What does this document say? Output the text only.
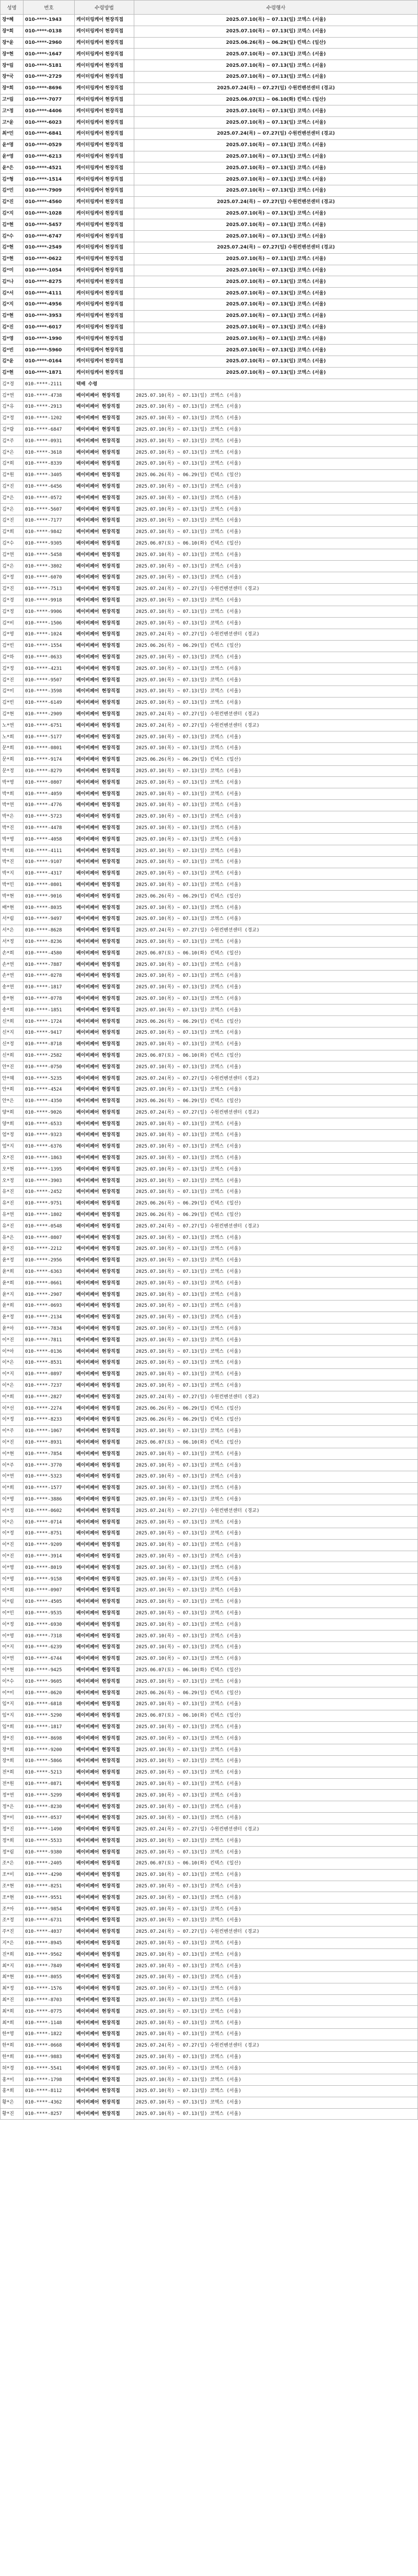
성명	번호	수령방법	수령행사
장*혜	010-****-1943	케이터링케어 현장직접	2025.07.10(목) ~ 07.13(일) 코엑스 (서울)
장*희	010-****-0138	케이터링케어 현장직접	2025.07.10(목) ~ 07.13(일) 코엑스 (서울)
장*윤	010-****-2960	케이터링케어 현장직접	2025.06.26(목) ~ 06.29(일) 킨텍스 (일산)
장*현	010-****-1647	케이터링케어 현장직접	2025.07.10(목) ~ 07.13(일) 코엑스 (서울)
장*림	010-****-5181	케이터링케어 현장직접	2025.07.10(목) ~ 07.13(일) 코엑스 (서울)
장*국	010-****-2729	케이터링케어 현장직접	2025.07.10(목) ~ 07.13(일) 코엑스 (서울)
장*희	010-****-8696	케이터링케어 현장직접	2025.07.24(목) ~ 07.27(일) 수원컨벤션센터 (경교)
고*림	010-****-7077	케이터링케어 현장직접	2025.06.07(토) ~ 06.10(화) 킨텍스 (일산)
고*정	010-****-4406	케이터링케어 현장직접	2025.07.10(목) ~ 07.13(일) 코엑스 (서울)
고*윤	010-****-6023	케이터링케어 현장직접	2025.07.10(목) ~ 07.13(일) 코엑스 (서울)
최*민	010-****-6841	케이터링케어 현장직접	2025.07.24(목) ~ 07.27(일) 수원컨벤션센터 (경교)
윤*명	010-****-0529	케이터링케어 현장직접	2025.07.10(목) ~ 07.13(일) 코엑스 (서울)
윤*영	010-****-6213	케이터링케어 현장직접	2025.07.10(목) ~ 07.13(일) 코엑스 (서울)
윤*은	010-****-4521	케이터링케어 현장직접	2025.07.10(목) ~ 07.13(일) 코엑스 (서울)
김*형	010-****-1514	케이터링케어 현장직접	2025.07.10(목) ~ 07.13(일) 코엑스 (서울)
김*민	010-****-7909	케이터링케어 현장직접	2025.07.10(목) ~ 07.13(일) 코엑스 (서울)
김*진	010-****-4560	케이터링케어 현장직접	2025.07.24(목) ~ 07.27(일) 수원컨벤션센터 (경교)
김*지	010-****-1028	케이터링케어 현장직접	2025.07.10(목) ~ 07.13(일) 코엑스 (서울)
김*현	010-****-5457	케이터링케어 현장직접	2025.07.10(목) ~ 07.13(일) 코엑스 (서울)
김*수	010-****-6747	케이터링케어 현장직접	2025.07.10(목) ~ 07.13(일) 코엑스 (서울)
김*현	010-****-2549	케이터링케어 현장직접	2025.07.24(목) ~ 07.27(일) 수원컨벤션센터 (경교)
김*현	010-****-0622	케이터링케어 현장직접	2025.07.10(목) ~ 07.13(일) 코엑스 (서울)
김*미	010-****-1054	케이터링케어 현장직접	2025.07.10(목) ~ 07.13(일) 코엑스 (서울)
김*나	010-****-8275	케이터링케어 현장직접	2025.07.10(목) ~ 07.13(일) 코엑스 (서울)
김*서	010-****-4111	케이터링케어 현장직접	2025.07.10(목) ~ 07.13(일) 코엑스 (서울)
김*지	010-****-4956	케이터링케어 현장직접	2025.07.10(목) ~ 07.13(일) 코엑스 (서울)
김*현	010-****-3953	케이터링케어 현장직접	2025.07.10(목) ~ 07.13(일) 코엑스 (서울)
김*진	010-****-6017	케이터링케어 현장직접	2025.07.10(목) ~ 07.13(일) 코엑스 (서울)
김*영	010-****-1990	케이터링케어 현장직접	2025.07.10(목) ~ 07.13(일) 코엑스 (서울)
김*빈	010-****-5960	케이터링케어 현장직접	2025.07.10(목) ~ 07.13(일) 코엑스 (서울)
김*윤	010-****-0164	케이터링케어 현장직접	2025.07.10(목) ~ 07.13(일) 코엑스 (서울)
김*현	010-****-1871	케이터링케어 현장직접	2025.07.10(목) ~ 07.13(일) 코엑스 (서울)
김*경	010-****-2111	택배 수령	
김*연	010-****-4738	베이비페어 현장직접	2025.07.10(목) ~ 07.13(일) 코엑스 (서울)
김*유	010-****-2913	베이비페어 현장직접	2025.07.10(목) ~ 07.13(일) 코엑스 (서울)
김*정	010-****-1202	베이비페어 현장직접	2025.07.10(목) ~ 07.13(일) 코엑스 (서울)
김*람	010-****-6847	베이비페어 현장직접	2025.07.10(목) ~ 07.13(일) 코엑스 (서울)
김*주	010-****-0931	베이비페어 현장직접	2025.07.10(목) ~ 07.13(일) 코엑스 (서울)
김*은	010-****-3618	베이비페어 현장직접	2025.07.10(목) ~ 07.13(일) 코엑스 (서울)
김*희	010-****-8339	베이비페어 현장직접	2025.07.10(목) ~ 07.13(일) 코엑스 (서울)
김*원	010-****-3405	베이비페어 현장직접	2025.06.26(목) ~ 06.29(일) 킨텍스 (일산)
김*진	010-****-6456	베이비페어 현장직접	2025.07.10(목) ~ 07.13(일) 코엑스 (서울)
김*은	010-****-0572	베이비페어 현장직접	2025.07.10(목) ~ 07.13(일) 코엑스 (서울)
김*은	010-****-5607	베이비페어 현장직접	2025.07.10(목) ~ 07.13(일) 코엑스 (서울)
김*진	010-****-7177	베이비페어 현장직접	2025.07.10(목) ~ 07.13(일) 코엑스 (서울)
김*희	010-****-9842	베이비페어 현장직접	2025.07.10(목) ~ 07.13(일) 코엑스 (서울)
김*수	010-****-9305	베이비페어 현장직접	2025.06.07(토) ~ 06.10(화) 킨텍스 (일산)
김*연	010-****-5458	베이비페어 현장직접	2025.07.10(목) ~ 07.13(일) 코엑스 (서울)
김*은	010-****-3802	베이비페어 현장직접	2025.07.10(목) ~ 07.13(일) 코엑스 (서울)
김*정	010-****-6070	베이비페어 현장직접	2025.07.10(목) ~ 07.13(일) 코엑스 (서울)
김*진	010-****-7513	베이비페어 현장직접	2025.07.24(목) ~ 07.27(일) 수원컨벤션센터 (경교)
김*경	010-****-9918	베이비페어 현장직접	2025.07.10(목) ~ 07.13(일) 코엑스 (서울)
김*정	010-****-9906	베이비페어 현장직접	2025.07.10(목) ~ 07.13(일) 코엑스 (서울)
김*비	010-****-1506	베이비페어 현장직접	2025.07.10(목) ~ 07.13(일) 코엑스 (서울)
김*영	010-****-1024	베이비페어 현장직접	2025.07.24(목) ~ 07.27(일) 수원컨벤션센터 (경교)
김*빈	010-****-1554	베이비페어 현장직접	2025.06.26(목) ~ 06.29(일) 킨텍스 (일산)
김*하	010-****-0633	베이비페어 현장직접	2025.07.10(목) ~ 07.13(일) 코엑스 (서울)
김*정	010-****-4231	베이비페어 현장직접	2025.07.10(목) ~ 07.13(일) 코엑스 (서울)
김*진	010-****-9507	베이비페어 현장직접	2025.07.10(목) ~ 07.13(일) 코엑스 (서울)
김*미	010-****-3598	베이비페어 현장직접	2025.07.10(목) ~ 07.13(일) 코엑스 (서울)
김*빈	010-****-6149	베이비페어 현장직접	2025.07.10(목) ~ 07.13(일) 코엑스 (서울)
김*현	010-****-2909	베이비페어 현장직접	2025.07.24(목) ~ 07.27(일) 수원컨벤션센터 (경교)
노*연	010-****-6751	베이비페어 현장직접	2025.07.24(목) ~ 07.27(일) 수원컨벤션센터 (경교)
노*희	010-****-5177	베이비페어 현장직접	2025.07.10(목) ~ 07.13(일) 코엑스 (서울)
문*희	010-****-0801	베이비페어 현장직접	2025.07.10(목) ~ 07.13(일) 코엑스 (서울)
문*희	010-****-9174	베이비페어 현장직접	2025.06.26(목) ~ 06.29(일) 킨텍스 (일산)
문*정	010-****-8279	베이비페어 현장직접	2025.07.10(목) ~ 07.13(일) 코엑스 (서울)
박*영	010-****-0807	베이비페어 현장직접	2025.07.10(목) ~ 07.13(일) 코엑스 (서울)
박*희	010-****-4059	베이비페어 현장직접	2025.07.10(목) ~ 07.13(일) 코엑스 (서울)
박*연	010-****-4776	베이비페어 현장직접	2025.07.10(목) ~ 07.13(일) 코엑스 (서울)
박*은	010-****-5723	베이비페어 현장직접	2025.07.10(목) ~ 07.13(일) 코엑스 (서울)
박*진	010-****-4478	베이비페어 현장직접	2025.07.10(목) ~ 07.13(일) 코엑스 (서울)
박*영	010-****-4058	베이비페어 현장직접	2025.07.10(목) ~ 07.13(일) 코엑스 (서울)
박*희	010-****-4111	베이비페어 현장직접	2025.07.10(목) ~ 07.13(일) 코엑스 (서울)
박*진	010-****-9107	베이비페어 현장직접	2025.07.10(목) ~ 07.13(일) 코엑스 (서울)
박*지	010-****-4317	베이비페어 현장직접	2025.07.10(목) ~ 07.13(일) 코엑스 (서울)
박*민	010-****-0801	베이비페어 현장직접	2025.07.10(목) ~ 07.13(일) 코엑스 (서울)
박*현	010-****-9016	베이비페어 현장직접	2025.06.26(목) ~ 06.29(일) 킨텍스 (일산)
배*현	010-****-8035	베이비페어 현장직접	2025.07.10(목) ~ 07.13(일) 코엑스 (서울)
서*림	010-****-9497	베이비페어 현장직접	2025.07.10(목) ~ 07.13(일) 코엑스 (서울)
서*은	010-****-8628	베이비페어 현장직접	2025.07.24(목) ~ 07.27(일) 수원컨벤션센터 (경교)
서*정	010-****-8236	베이비페어 현장직접	2025.07.10(목) ~ 07.13(일) 코엑스 (서울)
손*희	010-****-4580	베이비페어 현장직접	2025.06.07(토) ~ 06.10(화) 킨텍스 (일산)
손*연	010-****-7887	베이비페어 현장직접	2025.07.10(목) ~ 07.13(일) 코엑스 (서울)
손*연	010-****-0278	베이비페어 현장직접	2025.07.10(목) ~ 07.13(일) 코엑스 (서울)
송*연	010-****-1817	베이비페어 현장직접	2025.07.10(목) ~ 07.13(일) 코엑스 (서울)
송*현	010-****-0778	베이비페어 현장직접	2025.07.10(목) ~ 07.13(일) 코엑스 (서울)
송*희	010-****-1851	베이비페어 현장직접	2025.07.10(목) ~ 07.13(일) 코엑스 (서울)
신*희	010-****-1724	베이비페어 현장직접	2025.06.26(목) ~ 06.29(일) 킨텍스 (일산)
신*지	010-****-9417	베이비페어 현장직접	2025.07.10(목) ~ 07.13(일) 코엑스 (서울)
신*정	010-****-8718	베이비페어 현장직접	2025.07.10(목) ~ 07.13(일) 코엑스 (서울)
신*희	010-****-2582	베이비페어 현장직접	2025.06.07(토) ~ 06.10(화) 킨텍스 (일산)
안*진	010-****-0750	베이비페어 현장직접	2025.07.10(목) ~ 07.13(일) 코엑스 (서울)
안*혜	010-****-5235	베이비페어 현장직접	2025.07.24(목) ~ 07.27(일) 수원컨벤션센터 (경교)
안*희	010-****-4524	베이비페어 현장직접	2025.07.10(목) ~ 07.13(일) 코엑스 (서울)
안*은	010-****-4350	베이비페어 현장직접	2025.06.26(목) ~ 06.29(일) 킨텍스 (일산)
양*희	010-****-9026	베이비페어 현장직접	2025.07.24(목) ~ 07.27(일) 수원컨벤션센터 (경교)
양*희	010-****-6533	베이비페어 현장직접	2025.07.10(목) ~ 07.13(일) 코엑스 (서울)
엄*정	010-****-9323	베이비페어 현장직접	2025.07.10(목) ~ 07.13(일) 코엑스 (서울)
엄*지	010-****-6376	베이비페어 현장직접	2025.07.10(목) ~ 07.13(일) 코엑스 (서울)
오*진	010-****-1863	베이비페어 현장직접	2025.07.10(목) ~ 07.13(일) 코엑스 (서울)
오*현	010-****-1395	베이비페어 현장직접	2025.07.10(목) ~ 07.13(일) 코엑스 (서울)
오*정	010-****-3903	베이비페어 현장직접	2025.07.10(목) ~ 07.13(일) 코엑스 (서울)
유*진	010-****-2452	베이비페어 현장직접	2025.07.10(목) ~ 07.13(일) 코엑스 (서울)
유*진	010-****-9751	베이비페어 현장직접	2025.06.26(목) ~ 06.29(일) 킨텍스 (일산)
유*연	010-****-1802	베이비페어 현장직접	2025.06.26(목) ~ 06.29(일) 킨텍스 (일산)
유*진	010-****-0548	베이비페어 현장직접	2025.07.24(목) ~ 07.27(일) 수원컨벤션센터 (경교)
유*은	010-****-0807	베이비페어 현장직접	2025.07.10(목) ~ 07.13(일) 코엑스 (서울)
윤*진	010-****-2212	베이비페어 현장직접	2025.07.10(목) ~ 07.13(일) 코엑스 (서울)
윤*정	010-****-2956	베이비페어 현장직접	2025.07.10(목) ~ 07.13(일) 코엑스 (서울)
윤*희	010-****-6363	베이비페어 현장직접	2025.07.10(목) ~ 07.13(일) 코엑스 (서울)
윤*희	010-****-0661	베이비페어 현장직접	2025.07.10(목) ~ 07.13(일) 코엑스 (서울)
윤*지	010-****-2907	베이비페어 현장직접	2025.07.10(목) ~ 07.13(일) 코엑스 (서울)
윤*희	010-****-0693	베이비페어 현장직접	2025.07.10(목) ~ 07.13(일) 코엑스 (서울)
윤*정	010-****-2134	베이비페어 현장직접	2025.07.10(목) ~ 07.13(일) 코엑스 (서울)
윤*아	010-****-7834	베이비페어 현장직접	2025.07.10(목) ~ 07.13(일) 코엑스 (서울)
이*진	010-****-7811	베이비페어 현장직접	2025.07.10(목) ~ 07.13(일) 코엑스 (서울)
이*아	010-****-0136	베이비페어 현장직접	2025.07.10(목) ~ 07.13(일) 코엑스 (서울)
이*은	010-****-8531	베이비페어 현장직접	2025.07.10(목) ~ 07.13(일) 코엑스 (서울)
이*지	010-****-0897	베이비페어 현장직접	2025.07.10(목) ~ 07.13(일) 코엑스 (서울)
이*은	010-****-7237	베이비페어 현장직접	2025.07.10(목) ~ 07.13(일) 코엑스 (서울)
이*희	010-****-2827	베이비페어 현장직접	2025.07.24(목) ~ 07.27(일) 수원컨벤션센터 (경교)
이*선	010-****-2274	베이비페어 현장직접	2025.06.26(목) ~ 06.29(일) 킨텍스 (일산)
이*정	010-****-8233	베이비페어 현장직접	2025.06.26(목) ~ 06.29(일) 킨텍스 (일산)
이*주	010-****-1067	베이비페어 현장직접	2025.07.10(목) ~ 07.13(일) 코엑스 (서울)
이*진	010-****-8931	베이비페어 현장직접	2025.06.07(토) ~ 06.10(화) 킨텍스 (일산)
이*현	010-****-7854	베이비페어 현장직접	2025.07.10(목) ~ 07.13(일) 코엑스 (서울)
이*주	010-****-3770	베이비페어 현장직접	2025.07.10(목) ~ 07.13(일) 코엑스 (서울)
이*연	010-****-5323	베이비페어 현장직접	2025.07.10(목) ~ 07.13(일) 코엑스 (서울)
이*희	010-****-1577	베이비페어 현장직접	2025.07.10(목) ~ 07.13(일) 코엑스 (서울)
이*영	010-****-3886	베이비페어 현장직접	2025.07.10(목) ~ 07.13(일) 코엑스 (서울)
이*정	010-****-0602	베이비페어 현장직접	2025.07.24(목) ~ 07.27(일) 수원컨벤션센터 (경교)
이*은	010-****-0714	베이비페어 현장직접	2025.07.10(목) ~ 07.13(일) 코엑스 (서울)
이*정	010-****-8751	베이비페어 현장직접	2025.07.10(목) ~ 07.13(일) 코엑스 (서울)
이*진	010-****-9209	베이비페어 현장직접	2025.07.10(목) ~ 07.13(일) 코엑스 (서울)
이*진	010-****-3914	베이비페어 현장직접	2025.07.10(목) ~ 07.13(일) 코엑스 (서울)
이*영	010-****-8019	베이비페어 현장직접	2025.07.10(목) ~ 07.13(일) 코엑스 (서울)
이*영	010-****-9158	베이비페어 현장직접	2025.07.10(목) ~ 07.13(일) 코엑스 (서울)
이*희	010-****-0907	베이비페어 현장직접	2025.07.10(목) ~ 07.13(일) 코엑스 (서울)
이*림	010-****-4505	베이비페어 현장직접	2025.07.10(목) ~ 07.13(일) 코엑스 (서울)
이*민	010-****-9535	베이비페어 현장직접	2025.07.10(목) ~ 07.13(일) 코엑스 (서울)
이*정	010-****-6930	베이비페어 현장직접	2025.07.10(목) ~ 07.13(일) 코엑스 (서울)
이*영	010-****-7318	베이비페어 현장직접	2025.07.10(목) ~ 07.13(일) 코엑스 (서울)
이*지	010-****-6239	베이비페어 현장직접	2025.07.10(목) ~ 07.13(일) 코엑스 (서울)
이*연	010-****-6744	베이비페어 현장직접	2025.07.10(목) ~ 07.13(일) 코엑스 (서울)
이*현	010-****-9425	베이비페어 현장직접	2025.06.07(토) ~ 06.10(화) 킨텍스 (일산)
이*수	010-****-9605	베이비페어 현장직접	2025.07.10(목) ~ 07.13(일) 코엑스 (서울)
이*미	010-****-0620	베이비페어 현장직접	2025.06.26(목) ~ 06.29(일) 킨텍스 (일산)
임*지	010-****-6818	베이비페어 현장직접	2025.07.10(목) ~ 07.13(일) 코엑스 (서울)
임*지	010-****-5290	베이비페어 현장직접	2025.06.07(토) ~ 06.10(화) 킨텍스 (일산)
임*희	010-****-1817	베이비페어 현장직접	2025.07.10(목) ~ 07.13(일) 코엑스 (서울)
장*진	010-****-8698	베이비페어 현장직접	2025.07.10(목) ~ 07.13(일) 코엑스 (서울)
장*희	010-****-9200	베이비페어 현장직접	2025.07.10(목) ~ 07.13(일) 코엑스 (서울)
장*희	010-****-5866	베이비페어 현장직접	2025.07.10(목) ~ 07.13(일) 코엑스 (서울)
전*희	010-****-5213	베이비페어 현장직접	2025.07.10(목) ~ 07.13(일) 코엑스 (서울)
전*원	010-****-0871	베이비페어 현장직접	2025.07.10(목) ~ 07.13(일) 코엑스 (서울)
정*연	010-****-5299	베이비페어 현장직접	2025.07.10(목) ~ 07.13(일) 코엑스 (서울)
정*은	010-****-8230	베이비페어 현장직접	2025.07.10(목) ~ 07.13(일) 코엑스 (서울)
정*미	010-****-0537	베이비페어 현장직접	2025.07.10(목) ~ 07.13(일) 코엑스 (서울)
정*진	010-****-1490	베이비페어 현장직접	2025.07.24(목) ~ 07.27(일) 수원컨벤션센터 (경교)
정*희	010-****-5533	베이비페어 현장직접	2025.07.10(목) ~ 07.13(일) 코엑스 (서울)
정*림	010-****-9380	베이비페어 현장직접	2025.07.10(목) ~ 07.13(일) 코엑스 (서울)
조*은	010-****-2405	베이비페어 현장직접	2025.06.07(토) ~ 06.10(화) 킨텍스 (일산)
조*미	010-****-4290	베이비페어 현장직접	2025.07.10(목) ~ 07.13(일) 코엑스 (서울)
조*현	010-****-8251	베이비페어 현장직접	2025.07.10(목) ~ 07.13(일) 코엑스 (서울)
조*현	010-****-9551	베이비페어 현장직접	2025.07.10(목) ~ 07.13(일) 코엑스 (서울)
조*아	010-****-9854	베이비페어 현장직접	2025.07.10(목) ~ 07.13(일) 코엑스 (서울)
조*정	010-****-6731	베이비페어 현장직접	2025.07.10(목) ~ 07.13(일) 코엑스 (서울)
주*진	010-****-4037	베이비페어 현장직접	2025.07.24(목) ~ 07.27(일) 수원컨벤션센터 (경교)
지*은	010-****-8945	베이비페어 현장직접	2025.07.10(목) ~ 07.13(일) 코엑스 (서울)
진*희	010-****-9562	베이비페어 현장직접	2025.07.10(목) ~ 07.13(일) 코엑스 (서울)
최*지	010-****-7849	베이비페어 현장직접	2025.07.10(목) ~ 07.13(일) 코엑스 (서울)
최*현	010-****-8055	베이비페어 현장직접	2025.07.10(목) ~ 07.13(일) 코엑스 (서울)
최*정	010-****-1576	베이비페어 현장직접	2025.07.10(목) ~ 07.13(일) 코엑스 (서울)
최*진	010-****-8703	베이비페어 현장직접	2025.07.10(목) ~ 07.13(일) 코엑스 (서울)
최*희	010-****-0775	베이비페어 현장직접	2025.07.10(목) ~ 07.13(일) 코엑스 (서울)
최*희	010-****-1148	베이비페어 현장직접	2025.07.10(목) ~ 07.13(일) 코엑스 (서울)
한*영	010-****-1822	베이비페어 현장직접	2025.07.10(목) ~ 07.13(일) 코엑스 (서울)
한*희	010-****-0668	베이비페어 현장직접	2025.07.24(목) ~ 07.27(일) 수원컨벤션센터 (경교)
한*희	010-****-9883	베이비페어 현장직접	2025.07.10(목) ~ 07.13(일) 코엑스 (서울)
허*경	010-****-5541	베이비페어 현장직접	2025.07.10(목) ~ 07.13(일) 코엑스 (서울)
홍*미	010-****-1798	베이비페어 현장직접	2025.07.10(목) ~ 07.13(일) 코엑스 (서울)
홍*희	010-****-8112	베이비페어 현장직접	2025.07.10(목) ~ 07.13(일) 코엑스 (서울)
황*은	010-****-4362	베이비페어 현장직접	2025.07.10(목) ~ 07.13(일) 코엑스 (서울)
황*진	010-****-8257	베이비페어 현장직접	2025.07.10(목) ~ 07.13(일) 코엑스 (서울)
